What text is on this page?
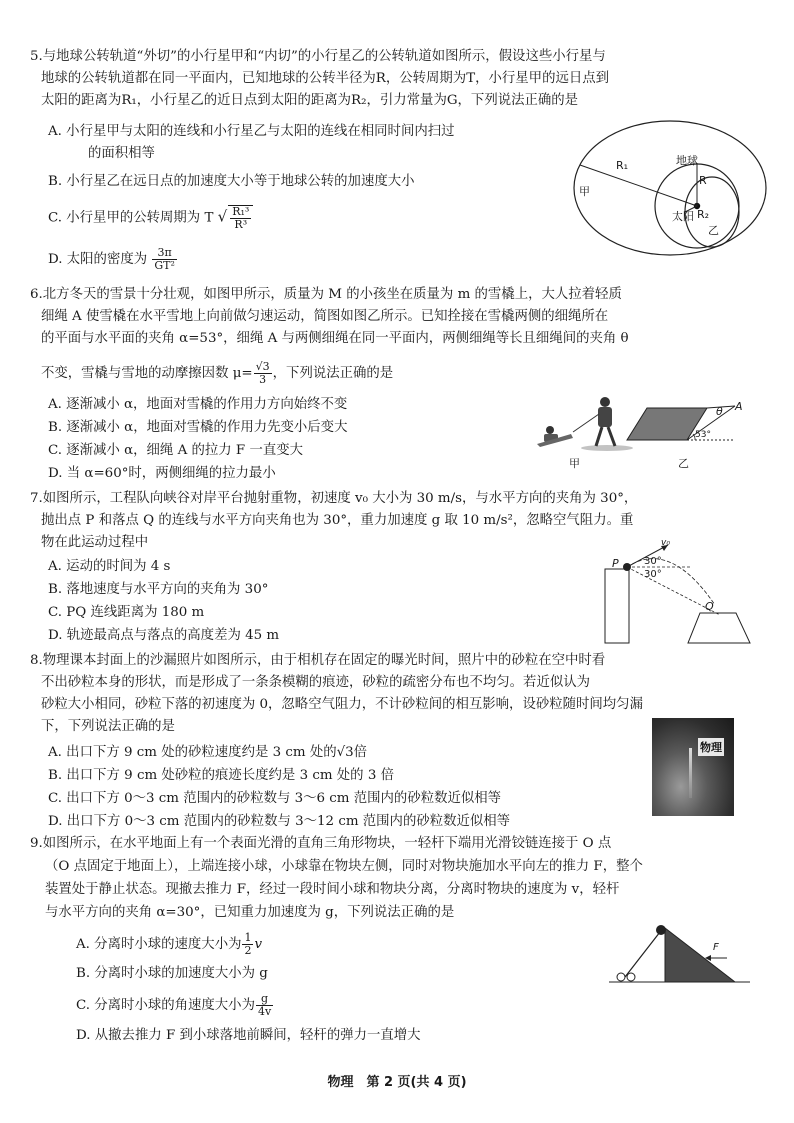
5.与地球公转轨道“外切”的小行星甲和“内切”的小行星乙的公转轨道如图所示，假设这些小行星与
地球的公转轨道都在同一平面内，已知地球的公转半径为R，公转周期为T，小行星甲的远日点到
太阳的距离为R₁，小行星乙的近日点到太阳的距离为R₂，引力常量为G，下列说法正确的是
A. 小行星甲与太阳的连线和小行星乙与太阳的连线在相同时间内扫过
的面积相等
B. 小行星乙在远日点的加速度大小等于地球公转的加速度大小
C. 小行星甲的公转周期为 T √ $\frac{\text{R₁³}}{\text{R³}}$
D. 太阳的密度为 $\frac{3\pi}{\text{GT²}}$
R₁	地球
R
甲
太阳 R₂
乙
6.北方冬天的雪景十分壮观，如图甲所示，质量为 M 的小孩坐在质量为 m 的雪橇上，大人拉着轻质
细绳 A 使雪橇在水平雪地上向前做匀速运动，简图如图乙所示。已知拴接在雪橇两侧的细绳所在
的平面与水平面的夹角 α=53°，细绳 A 与两侧细绳在同一平面内，两侧细绳等长且细绳间的夹角 θ
不变，雪橇与雪地的动摩擦因数 $\mu= \frac{√3}{3}$ ，下列说法正确的是
A. 逐渐减小 α，地面对雪橇的作用力方向始终不变
B. 逐渐减小 α，地面对雪橇的作用力先变小后变大
C. 逐渐减小 α，细绳 A 的拉力 F 一直变大
D. 当 α=60°时，两侧细绳的拉力最小
甲
θ A
53°
乙
7.如图所示，工程队向峡谷对岸平台抛射重物，初速度 v₀ 大小为 30 m/s，与水平方向的夹角为 30°，
抛出点 P 和落点 Q 的连线与水平方向夹角也为 30°，重力加速度 g 取 10 m/s²，忽略空气阻力。重
物在此运动过程中
A. 运动的时间为 4 s
B. 落地速度与水平方向的夹角为 30°
C. PQ 连线距离为 180 m
D. 轨迹最高点与落点的高度差为 45 m
P
v₀
30°
30°
Q
8.物理课本封面上的沙漏照片如图所示，由于相机存在固定的曝光时间，照片中的砂粒在空中时看
不出砂粒本身的形状，而是形成了一条条模糊的痕迹，砂粒的疏密分布也不均匀。若近似认为
砂粒大小相同，砂粒下落的初速度为 0，忽略空气阻力，不计砂粒间的相互影响，设砂粒随时间均匀漏
下，下列说法正确的是
A. 出口下方 9 cm 处的砂粒速度约是 3 cm 处的√3倍
B. 出口下方 9 cm 处砂粒的痕迹长度约是 3 cm 处的 3 倍
C. 出口下方 0～3 cm 范围内的砂粒数与 3～6 cm 范围内的砂粒数近似相等
D. 出口下方 0～3 cm 范围内的砂粒数与 3～12 cm 范围内的砂粒数近似相等
物理
9.如图所示，在水平地面上有一个表面光滑的直角三角形物块，一轻杆下端用光滑铰链连接于 O 点
（O 点固定于地面上），上端连接小球，小球靠在物块左侧，同时对物块施加水平向左的推力 F，整个
装置处于静止状态。现撤去推力 F，经过一段时间小球和物块分离，分离时物块的速度为 v，轻杆
与水平方向的夹角 α=30°，已知重力加速度为 g，下列说法正确的是
A. 分离时小球的速度大小为 $\frac{1}{2}$ v
B. 分离时小球的加速度大小为 g
C. 分离时小球的角速度大小为 $\frac{g}{4v}$
D. 从撤去推力 F 到小球落地前瞬间，轻杆的弹力一直增大
F
物理　第 2 页(共 4 页)
